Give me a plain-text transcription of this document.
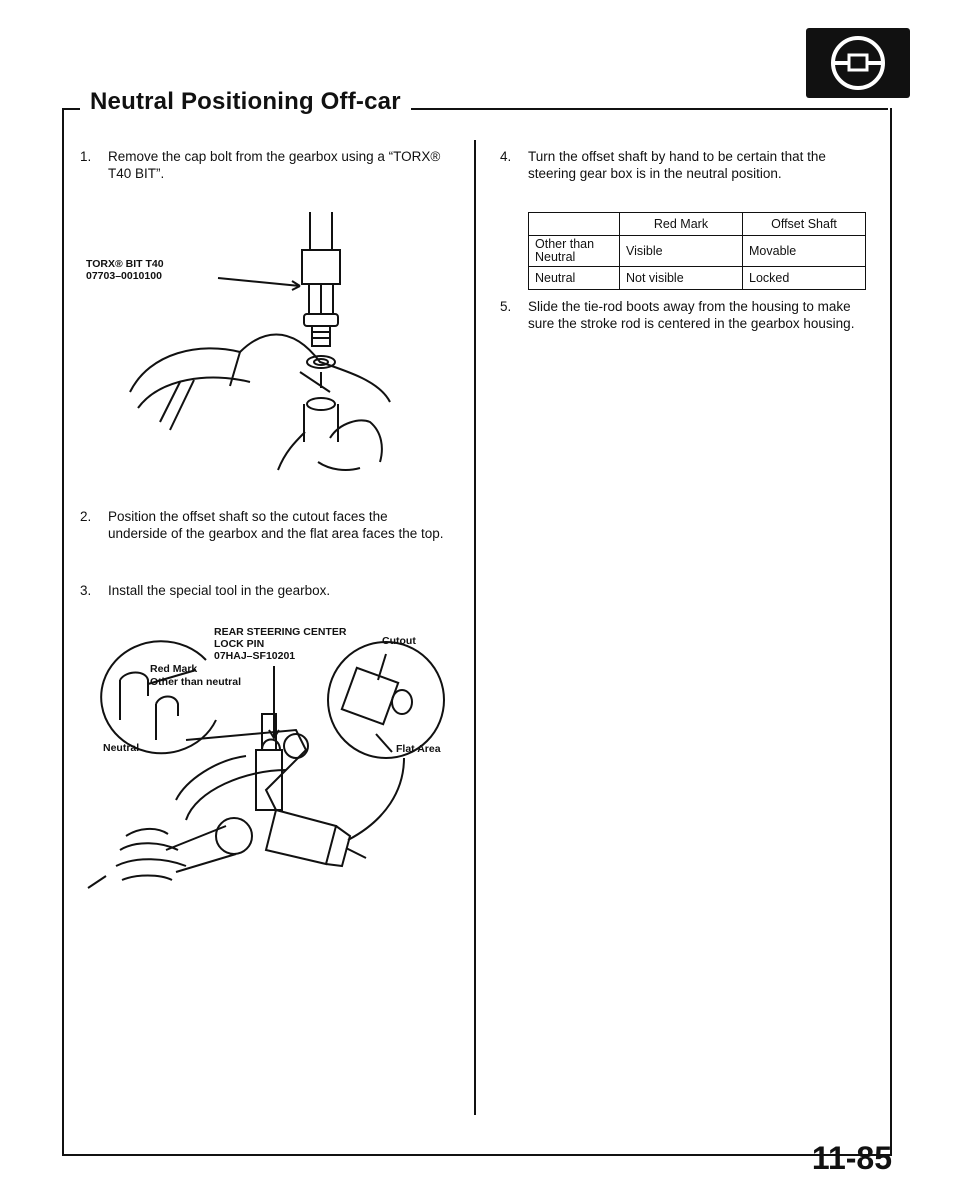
Neutral Positioning Off-car
1.	Remove the cap bolt from the gearbox using a “TORX® T40 BIT”.
TORX® BIT T40
07703–0010100
2.	Position the offset shaft so the cutout faces the underside of the gearbox and the flat area faces the top.
3.	Install the special tool in the gearbox.
REAR STEERING CENTER
LOCK PIN
07HAJ–SF10201
Red Mark
Other than neutral
Neutral
Cutout
Flat Area
4.	Turn the offset shaft by hand to be certain that the steering gear box is in the neutral position.
	Red Mark	Offset Shaft
Other than Neutral	Visible	Movable
Neutral	Not visible	Locked
5.	Slide the tie-rod boots away from the housing to make sure the stroke rod is centered in the gearbox housing.
11-85
